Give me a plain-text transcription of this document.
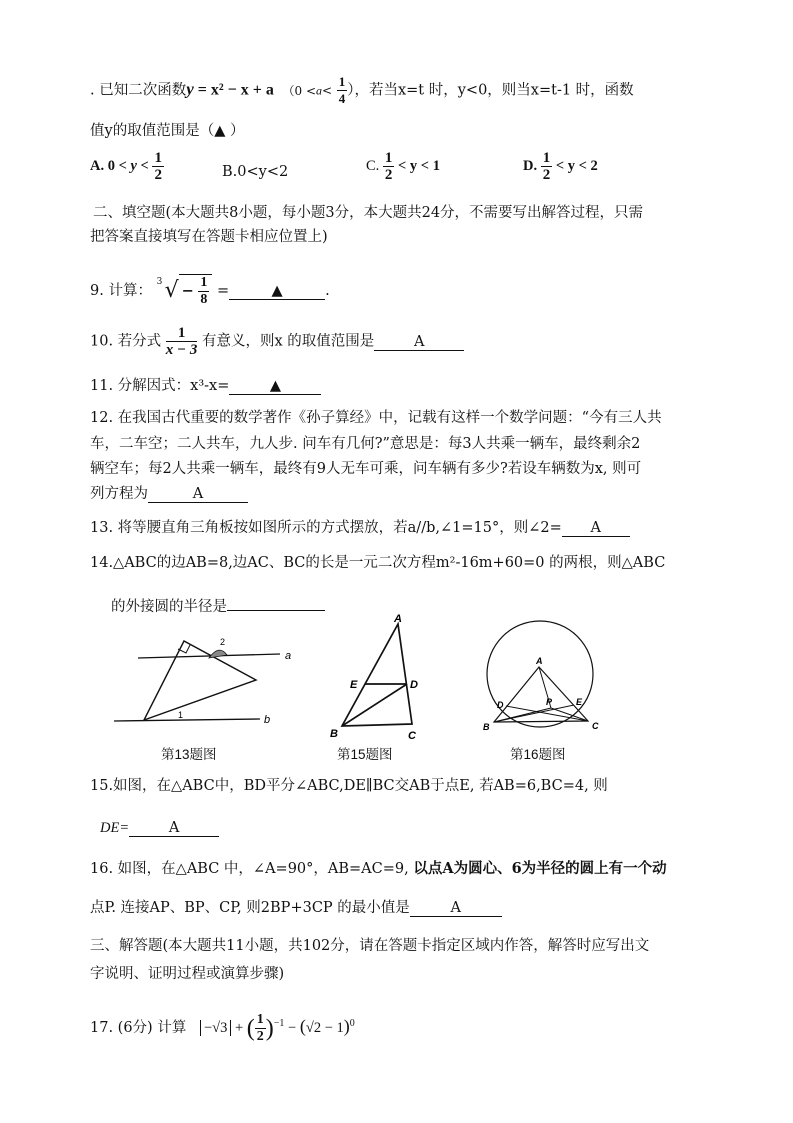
. 已知二次函数y = x² − x + a （$0 <a< \frac{1}{4}$ ），若当x=t 时，y<0，则当x=t-1 时，函数
值y的取值范围是（▲ ）
A. $0 < y < \frac{1}{2}$	B.0<y<2	C. $\frac{1}{2} < y < 1$	D. $\frac{1}{2} < y < 2$
二、填空题(本大题共8小题，每小题3分，本大题共24分，不需要写出解答过程，只需
把答案直接填写在答题卡相应位置上)
9. 计算：
3 √ − $\frac{1}{8}$ =	▲	.
10. 若分式 $\frac{1}{x - 3}$ 有意义，则x 的取值范围是	A
11. 分解因式：x³-x=	▲
12. 在我国古代重要的数学著作《孙子算经》中，记载有这样一个数学问题：“今有三人共
车，二车空；二人共车，九人步. 问车有几何?”意思是：每3人共乘一辆车，最终剩余2
辆空车；每2人共乘一辆车，最终有9人无车可乘，问车辆有多少?若设车辆数为x, 则可
列方程为	A
13. 将等腰直角三角板按如图所示的方式摆放，若a//b,∠1=15°，则∠2= A
14.△ABC的边AB=8,边AC、BC的长是一元二次方程m²-16m+60=0 的两根，则△ABC
的外接圆的半径是
2
1
a
b
第13题图
A
E	D
B	C
第15题图
A
D	E
P
B	C
第16题图
15.如图，在△ABC中，BD平分∠ABC,DE∥BC交AB于点E, 若AB=6,BC=4, 则
DE=	A
16. 如图，在△ABC 中，∠A=90°，AB=AC=9, 以点A为圆心、6为半径的圆上有一个动
点P. 连接AP、BP、CP, 则2BP+3CP 的最小值是	A
三、解答题(本大题共11小题，共102分，请在答题卡指定区域内作答，解答时应写出文
字说明、证明过程或演算步骤)
17. (6分) 计算 −√3 + ( $\frac{1}{2} )^{-1} - (√2 - 1)^0$
